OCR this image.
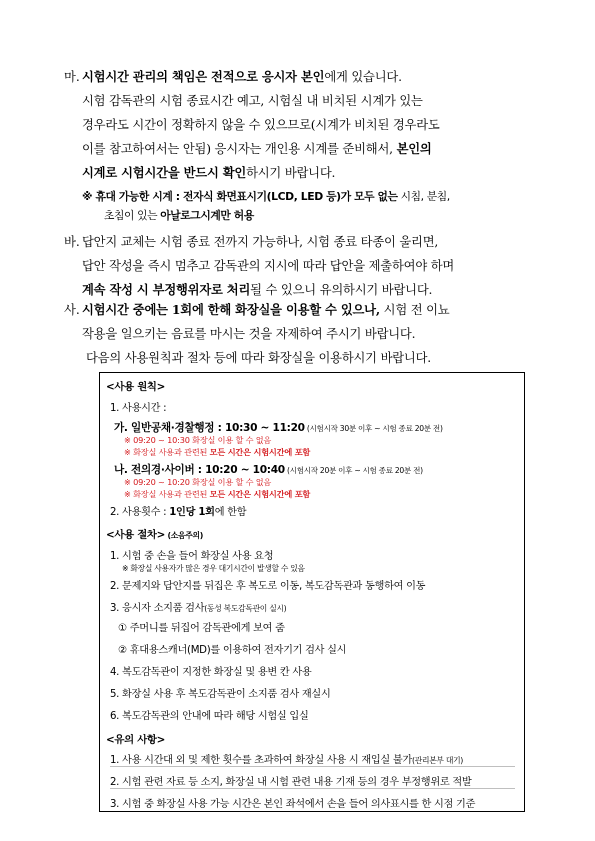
마. 시험시간 관리의 책임은 전적으로 응시자 본인에게 있습니다.
시험 감독관의 시험 종료시간 예고, 시험실 내 비치된 시계가 있는
경우라도 시간이 정확하지 않을 수 있으므로(시계가 비치된 경우라도
이를 참고하여서는 안됨) 응시자는 개인용 시계를 준비해서, 본인의
시계로 시험시간을 반드시 확인하시기 바랍니다.
※ 휴대 가능한 시계 : 전자식 화면표시기(LCD, LED 등)가 모두 없는 시침, 분침,
초침이 있는 아날로그시계만 허용
바. 답안지 교체는 시험 종료 전까지 가능하나, 시험 종료 타종이 울리면,
답안 작성을 즉시 멈추고 감독관의 지시에 따라 답안을 제출하여야 하며
계속 작성 시 부정행위자로 처리될 수 있으니 유의하시기 바랍니다.
사. 시험시간 중에는 1회에 한해 화장실을 이용할 수 있으나, 시험 전 이뇨
작용을 일으키는 음료를 마시는 것을 자제하여 주시기 바랍니다.
다음의 사용원칙과 절차 등에 따라 화장실을 이용하시기 바랍니다.
<사용 원칙>
1. 사용시간 :
가. 일반공채·경찰행정 : 10:30 ~ 11:20 (시험시작 30분 이후 ~ 시험 종료 20분 전)
※ 09:20 ~ 10:30 화장실 이용 할 수 없음
※ 화장실 사용과 관련된 모든 시간은 시험시간에 포함
나. 전의경·사이버 : 10:20 ~ 10:40 (시험시작 20분 이후 ~ 시험 종료 20분 전)
※ 09:20 ~ 10:20 화장실 이용 할 수 없음
※ 화장실 사용과 관련된 모든 시간은 시험시간에 포함
2. 사용횟수 : 1인당 1회에 한함
<사용 절차> (소음주의)
1. 시험 중 손을 들어 화장실 사용 요청
※ 화장실 사용자가 많은 경우 대기시간이 발생할 수 있음
2. 문제지와 답안지를 뒤집은 후 복도로 이동, 복도감독관과 동행하여 이동
3. 응시자 소지품 검사(동성 복도감독관이 실시)
① 주머니를 뒤집어 감독관에게 보여 줌
② 휴대용스캐너(MD)를 이용하여 전자기기 검사 실시
4. 복도감독관이 지정한 화장실 및 용변 칸 사용
5. 화장실 사용 후 복도감독관이 소지품 검사 재실시
6. 복도감독관의 안내에 따라 해당 시험실 입실
<유의 사항>
1. 사용 시간대 외 및 제한 횟수를 초과하여 화장실 사용 시 재입실 불가(관리본부 대기)
2. 시험 관련 자료 등 소지, 화장실 내 시험 관련 내용 기재 등의 경우 부정행위로 적발
3. 시험 중 화장실 사용 가능 시간은 본인 좌석에서 손을 들어 의사표시를 한 시점 기준
